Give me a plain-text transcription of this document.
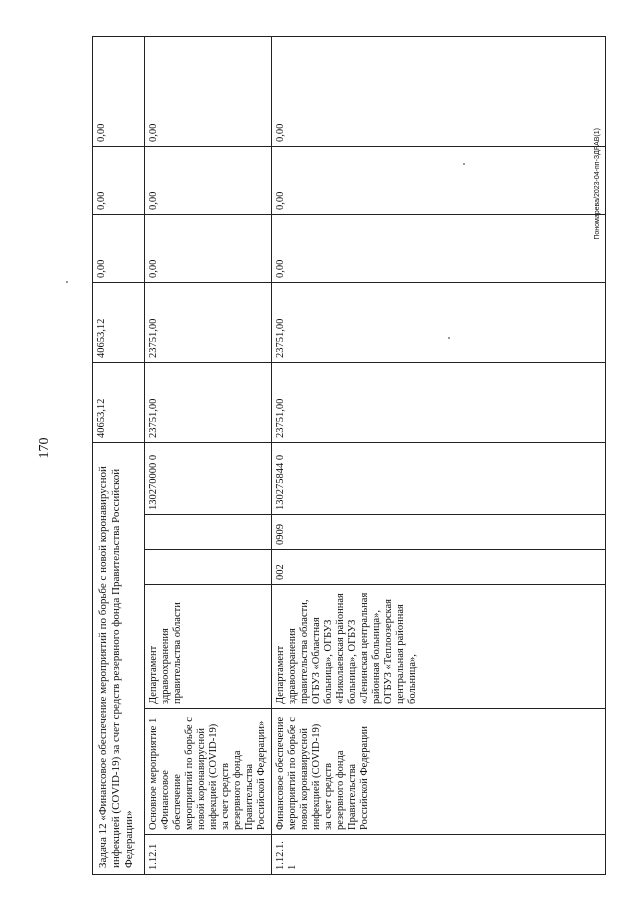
170
Пономарева/2023-04-пп-ЗДРАВ(1)
Задача 12 «Финансовое обеспечение мероприятий по борьбе с новой коронавирусной инфекцией (COVID-19) за счет средств резервного фонда Правительства Российской Федерации»						40653,12	40653,12	0,00	0,00	0,00
1.12.1	Основное мероприятие 1 «Финансовое обеспечение мероприятий по борьбе с новой коронавирусной инфекцией (COVID-19) за счет средств резервного фонда Правительства Российской Федерации»	Департамент здравоохранения правительства области			130270000 0	23751,00	23751,00	0,00	0,00	0,00
1.12.1.1	Финансовое обеспечение мероприятий по борьбе с новой коронавирусной инфекцией (COVID-19) за счет средств резервного фонда Правительства Российской Федерации	Департамент здравоохранения правительства области, ОГБУЗ «Областная больница», ОГБУЗ «Николаевская районная больница», ОГБУЗ «Ленинская центральная районная больница», ОГБУЗ «Теплоозерская центральная районная больница»,	002	0909	130275844 0	23751,00	23751,00	0,00	0,00	0,00
